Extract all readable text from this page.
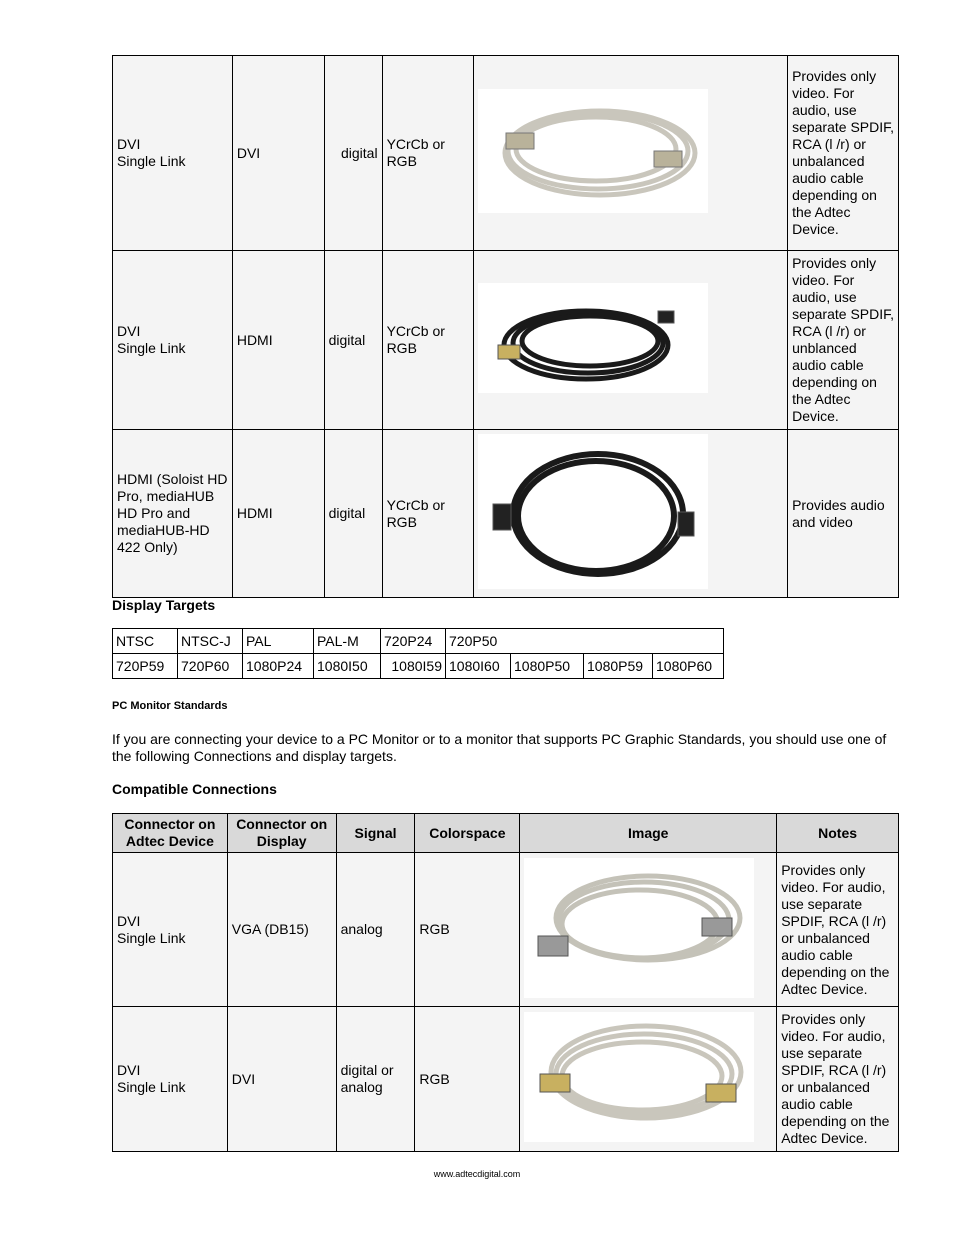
DVI
Single Link	DVI	digital	YCrCb or RGB		Provides only video. For audio, use separate SPDIF, RCA (l /r) or unbalanced audio cable depending on the Adtec Device.
DVI
Single Link	HDMI	digital	YCrCb or RGB		Provides only video. For audio, use separate SPDIF, RCA (l /r) or unblanced audio cable depending on the Adtec Device.
HDMI (Soloist HD Pro, mediaHUB HD Pro and mediaHUB-HD 422 Only)	HDMI	digital	YCrCb or RGB		Provides audio and video
Display Targets
NTSC	NTSC-J	PAL	PAL-M	720P24	720P50			
720P59	720P60	1080P24	1080I50	1080I59	1080I60	1080P50	1080P59	1080P60
PC Monitor Standards
If you are connecting your device to a PC Monitor or to a monitor that supports PC Graphic Standards, you should use one of the following Connections and display targets.
Compatible Connections
Connector on Adtec Device	Connector on Display	Signal	Colorspace	Image	Notes
DVI
Single Link	VGA (DB15)	analog	RGB		Provides only video. For audio, use separate SPDIF, RCA (l /r) or unbalanced audio cable depending on the Adtec Device.
DVI
Single Link	DVI	digital or analog	RGB		Provides only video. For audio, use separate SPDIF, RCA (l /r) or unbalanced audio cable depending on the Adtec Device.
www.adtecdigital.com
